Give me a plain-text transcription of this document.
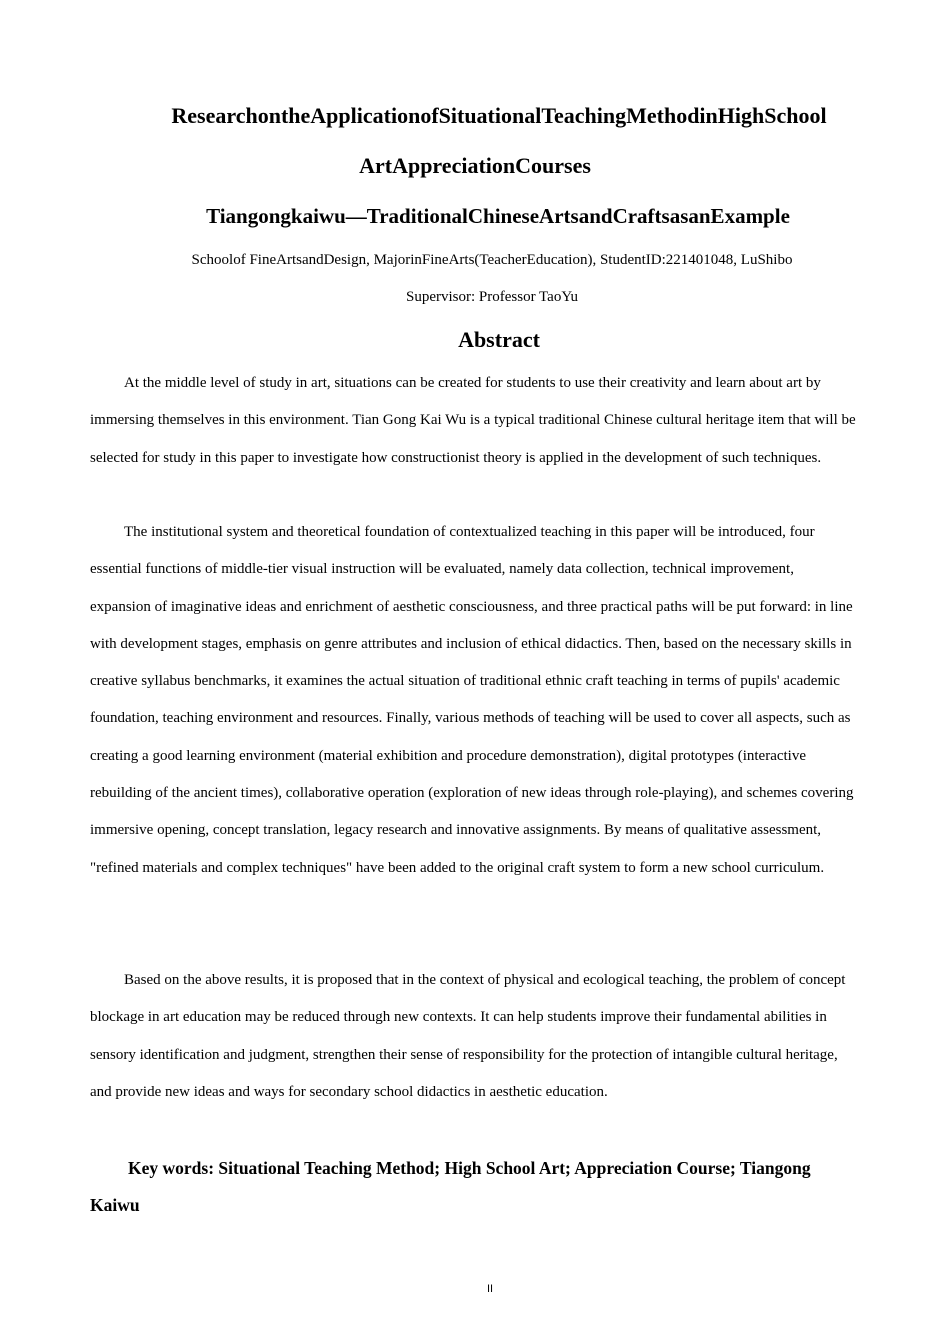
ResearchontheApplicationofSituationalTeachingMethodinHighSchool
ArtAppreciationCourses
Tiangongkaiwu—TraditionalChineseArtsandCraftsasanExample
Schoolof FineArtsandDesign, MajorinFineArts(TeacherEducation), StudentID:221401048, LuShibo
Supervisor: Professor TaoYu
Abstract

At the middle level of study in art, situations can be created for students to use their creativity and learn about art by immersing themselves in this environment. Tian Gong Kai Wu is a typical traditional Chinese cultural heritage item that will be selected for study in this paper to investigate how constructionist theory is applied in the development of such techniques.

The institutional system and theoretical foundation of contextualized teaching in this paper will be introduced, four essential functions of middle-tier visual instruction will be evaluated, namely data collection, technical improvement, expansion of imaginative ideas and enrichment of aesthetic consciousness, and three practical paths will be put forward: in line with development stages, emphasis on genre attributes and inclusion of ethical didactics. Then, based on the necessary skills in creative syllabus benchmarks, it examines the actual situation of traditional ethnic craft teaching in terms of pupils' academic foundation, teaching environment and resources. Finally, various methods of teaching will be used to cover all aspects, such as creating a good learning environment (material exhibition and procedure demonstration), digital prototypes (interactive rebuilding of the ancient times), collaborative operation (exploration of new ideas through role-playing), and schemes covering immersive opening, concept translation, legacy research and innovative assignments. By means of qualitative assessment, "refined materials and complex techniques" have been added to the original craft system to form a new school curriculum.

Based on the above results, it is proposed that in the context of physical and ecological teaching, the problem of concept blockage in art education may be reduced through new contexts. It can help students improve their fundamental abilities in sensory identification and judgment, strengthen their sense of responsibility for the protection of intangible cultural heritage, and provide new ideas and ways for secondary school didactics in aesthetic education.

Key words: Situational Teaching Method; High School Art; Appreciation Course; Tiangong Kaiwu
II
